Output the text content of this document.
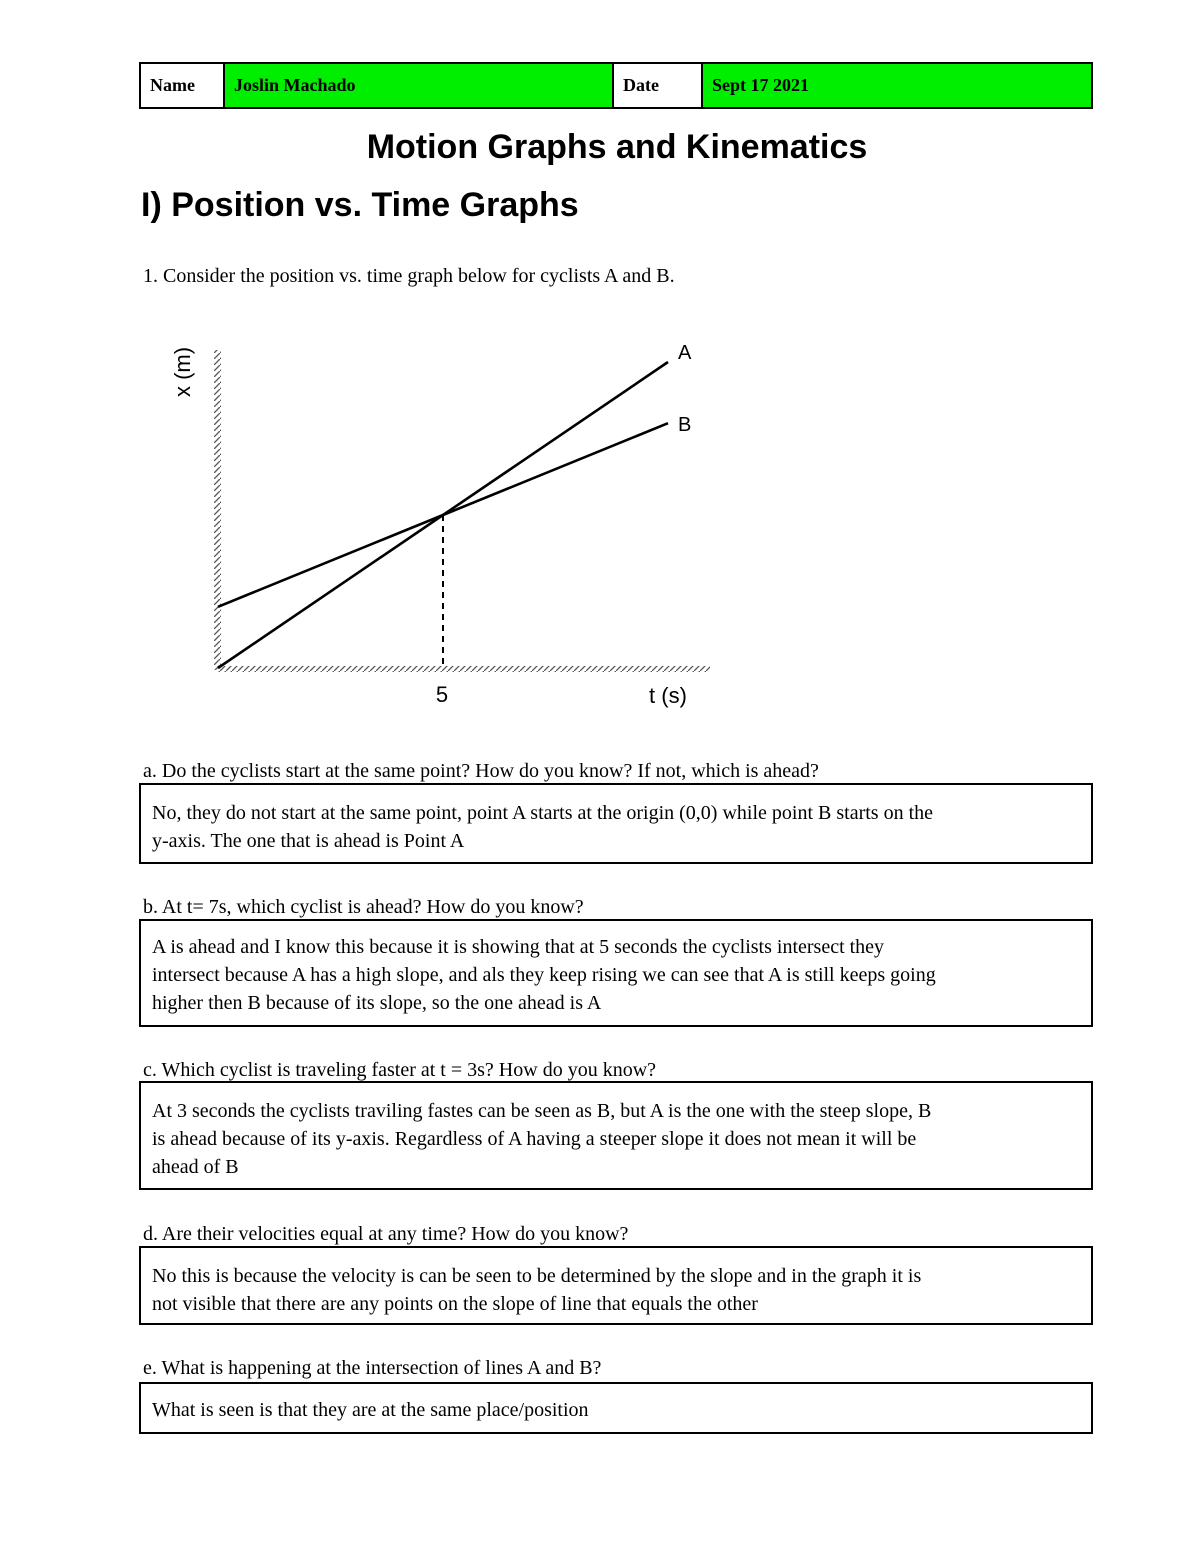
Name	Joslin Machado	Date	Sept 17 2021
Motion Graphs and Kinematics
I) Position vs. Time Graphs
1. Consider the position vs. time graph below for cyclists A and B.
A
B
x (m)
t (s)
5
a. Do the cyclists start at the same point? How do you know? If not, which is ahead?
No, they do not start at the same point, point A starts at the origin (0,0) while point B starts on the
y-axis. The one that is ahead is Point A
b. At t= 7s, which cyclist is ahead? How do you know?
A is ahead and I know this because it is showing that at 5 seconds the cyclists intersect they
intersect because A has a high slope, and als they keep rising we can see that A is still keeps going
higher then B because of its slope, so the one ahead is A
c. Which cyclist is traveling faster at t = 3s? How do you know?
At 3 seconds the cyclists traviling fastes can be seen as B, but A is the one with the steep slope, B
is ahead because of its y-axis. Regardless of A having a steeper slope it does not mean it will be
ahead of B
d. Are their velocities equal at any time? How do you know?
No this is because the velocity is can be seen to be determined by the slope and in the graph it is
not visible that there are any points on the slope of line that equals the other
e. What is happening at the intersection of lines A and B?
What is seen is that they are at the same place/position
